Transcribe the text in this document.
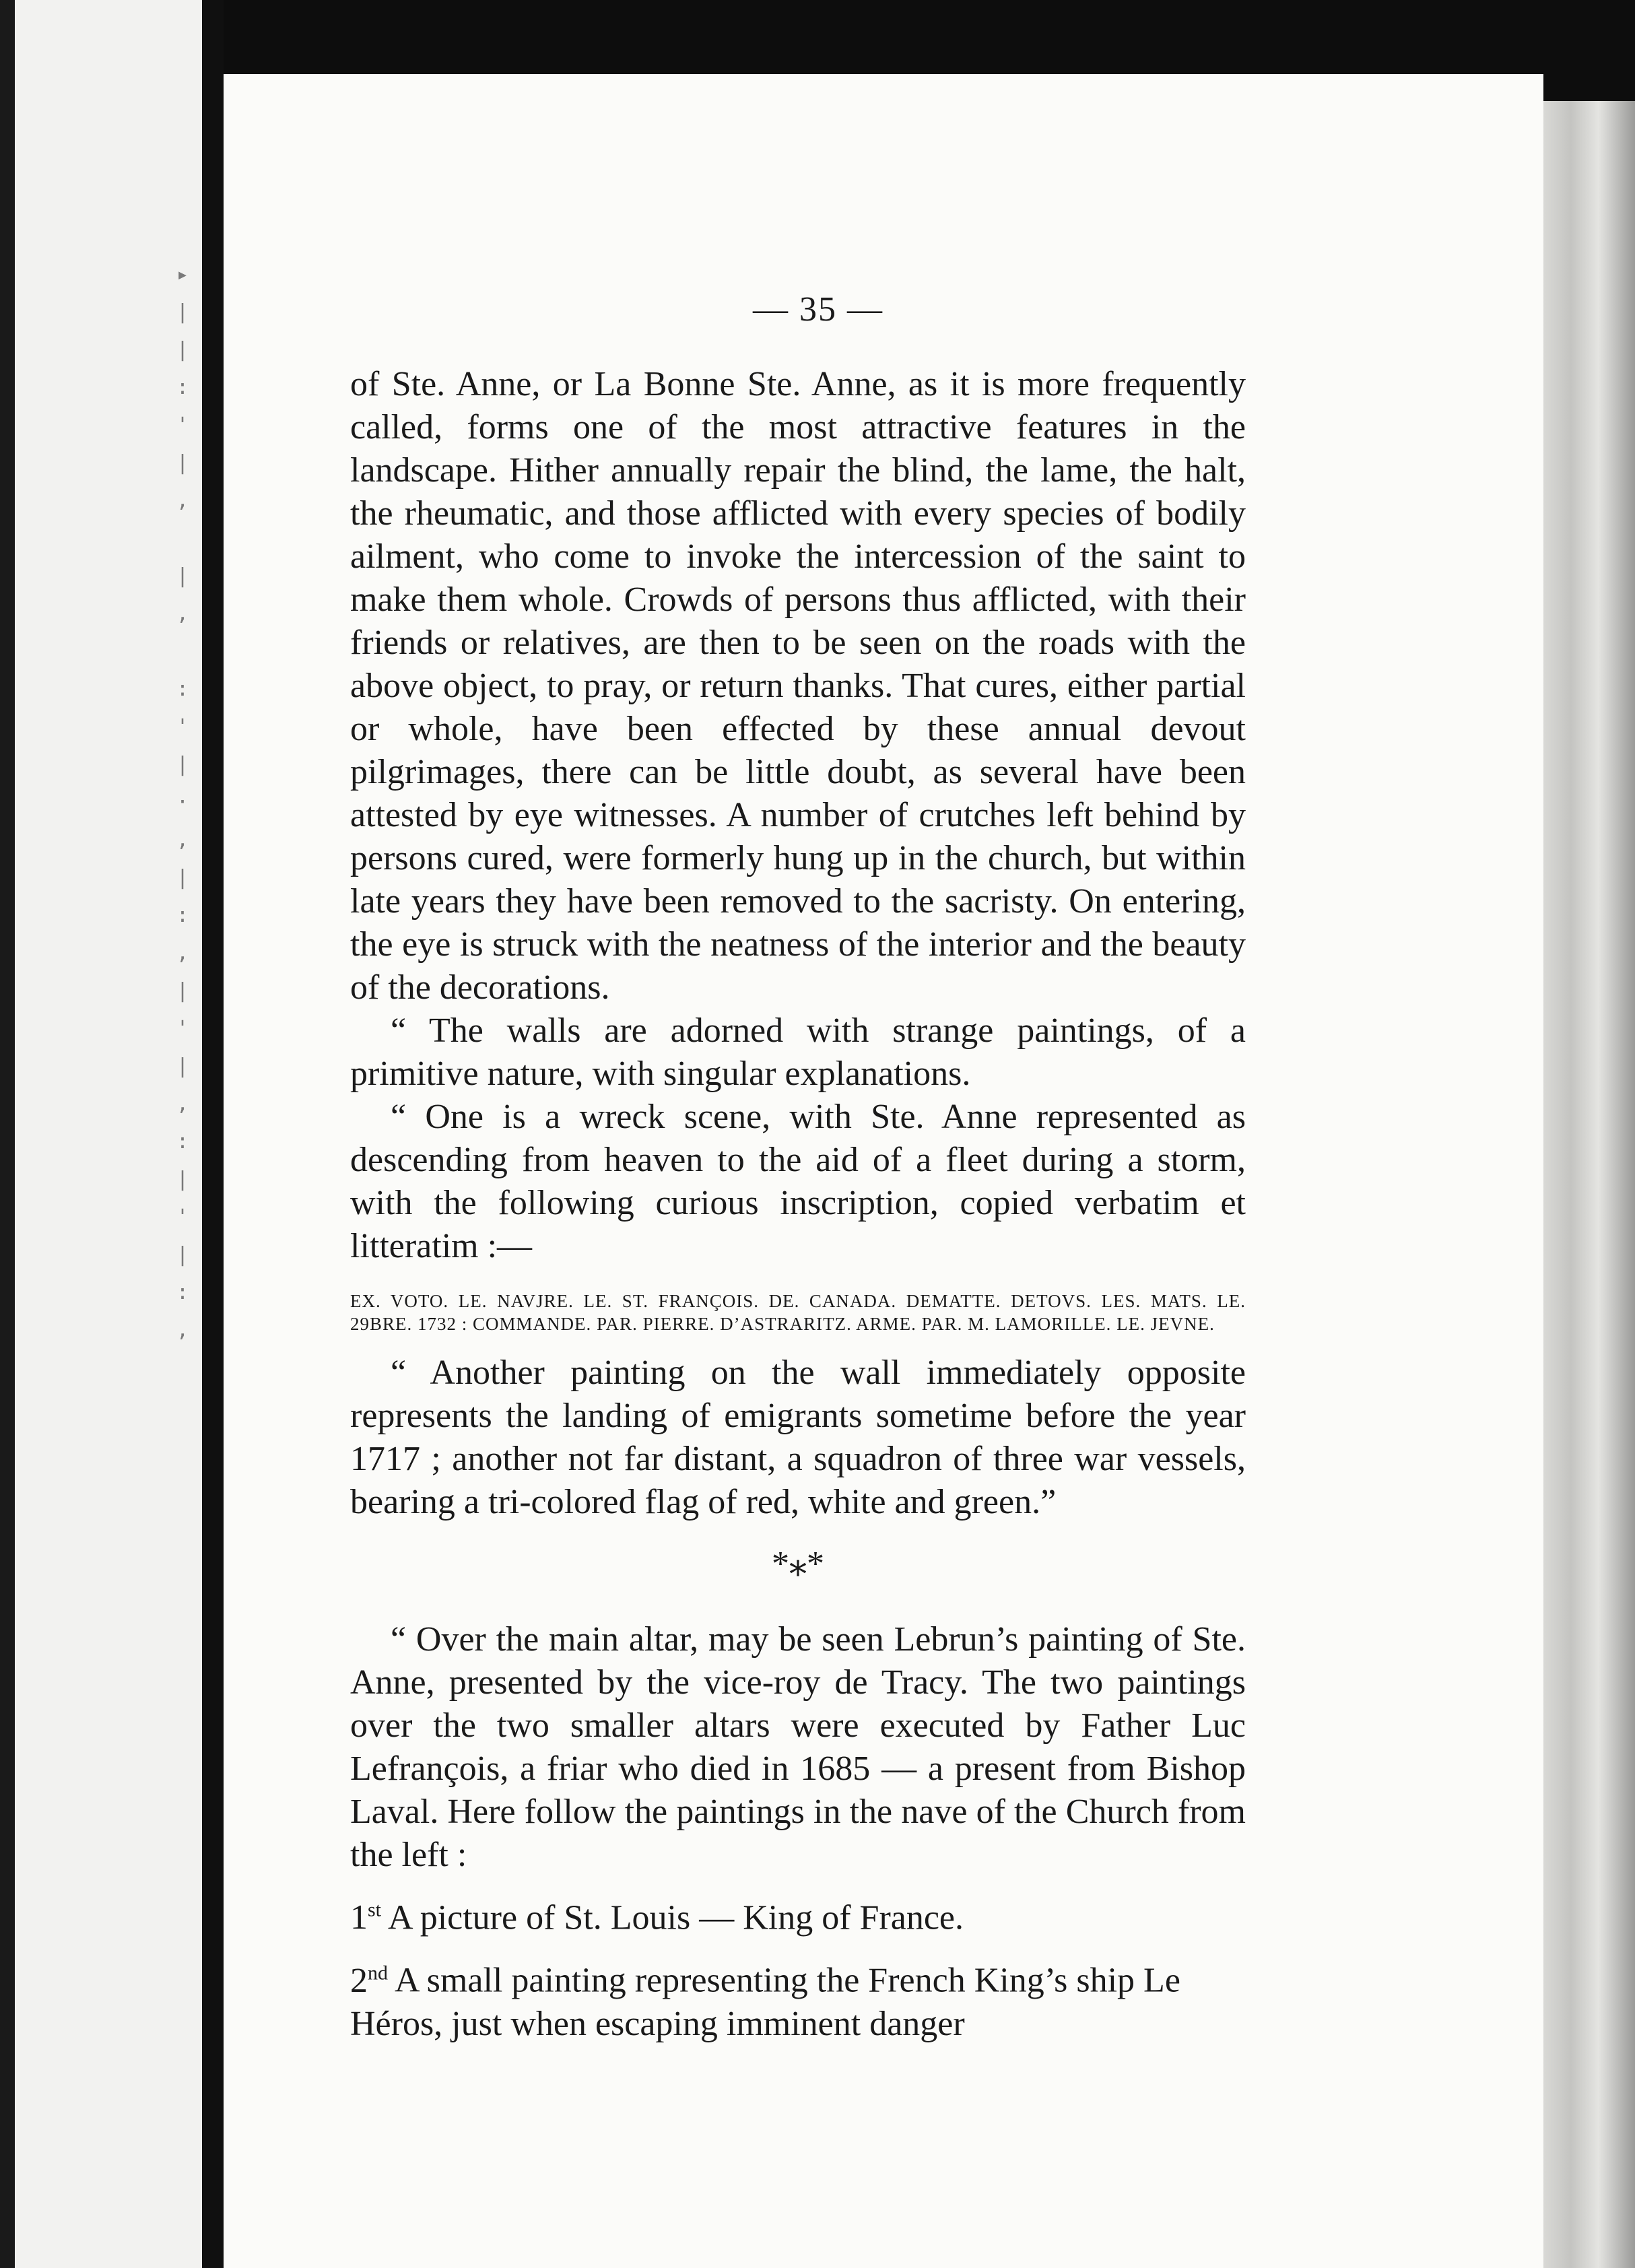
▸
|
|
:
'
|
,

|
,

:
'
|
·
,
|
:
,
|
'
|
,
:
|
'
|
:
,
— 35 —

of Ste. Anne, or La Bonne Ste. Anne, as it is more frequently called, forms one of the most attractive features in the landscape. Hither annually repair the blind, the lame, the halt, the rheumatic, and those afflicted with every species of bodily ailment, who come to invoke the intercession of the saint to make them whole. Crowds of persons thus afflicted, with their friends or relatives, are then to be seen on the roads with the above object, to pray, or return thanks. That cures, either partial or whole, have been effected by these annual devout pilgrimages, there can be little doubt, as several have been attested by eye witnesses. A number of crutches left behind by persons cured, were formerly hung up in the church, but within late years they have been removed to the sacristy. On entering, the eye is struck with the neatness of the interior and the beauty of the decorations.

“ The walls are adorned with strange paintings, of a primitive nature, with singular explanations.

“ One is a wreck scene, with Ste. Anne represented as descending from heaven to the aid of a fleet during a storm, with the following curious inscription, copied verbatim et litteratim :—

EX. VOTO. LE. NAVJRE. LE. ST. FRANÇOIS. DE. CANADA. DEMATTE. DETOVS. LES. MATS. LE. 29BRE. 1732 : COMMANDE. PAR. PIERRE. D’ASTRARITZ. ARME. PAR. M. LAMORILLE. LE. JEVNE.

“ Another painting on the wall immediately opposite represents the landing of emigrants sometime before the year 1717 ; another not far distant, a squadron of three war vessels, bearing a tri-colored flag of red, white and green.”

*⁎*

“ Over the main altar, may be seen Lebrun’s painting of Ste. Anne, presented by the vice-roy de Tracy. The two paintings over the two smaller altars were executed by Father Luc Lefrançois, a friar who died in 1685 — a present from Bishop Laval. Here follow the paintings in the nave of the Church from the left :

1st A picture of St. Louis — King of France.

2nd A small painting representing the French King’s ship Le Héros, just when escaping imminent danger
